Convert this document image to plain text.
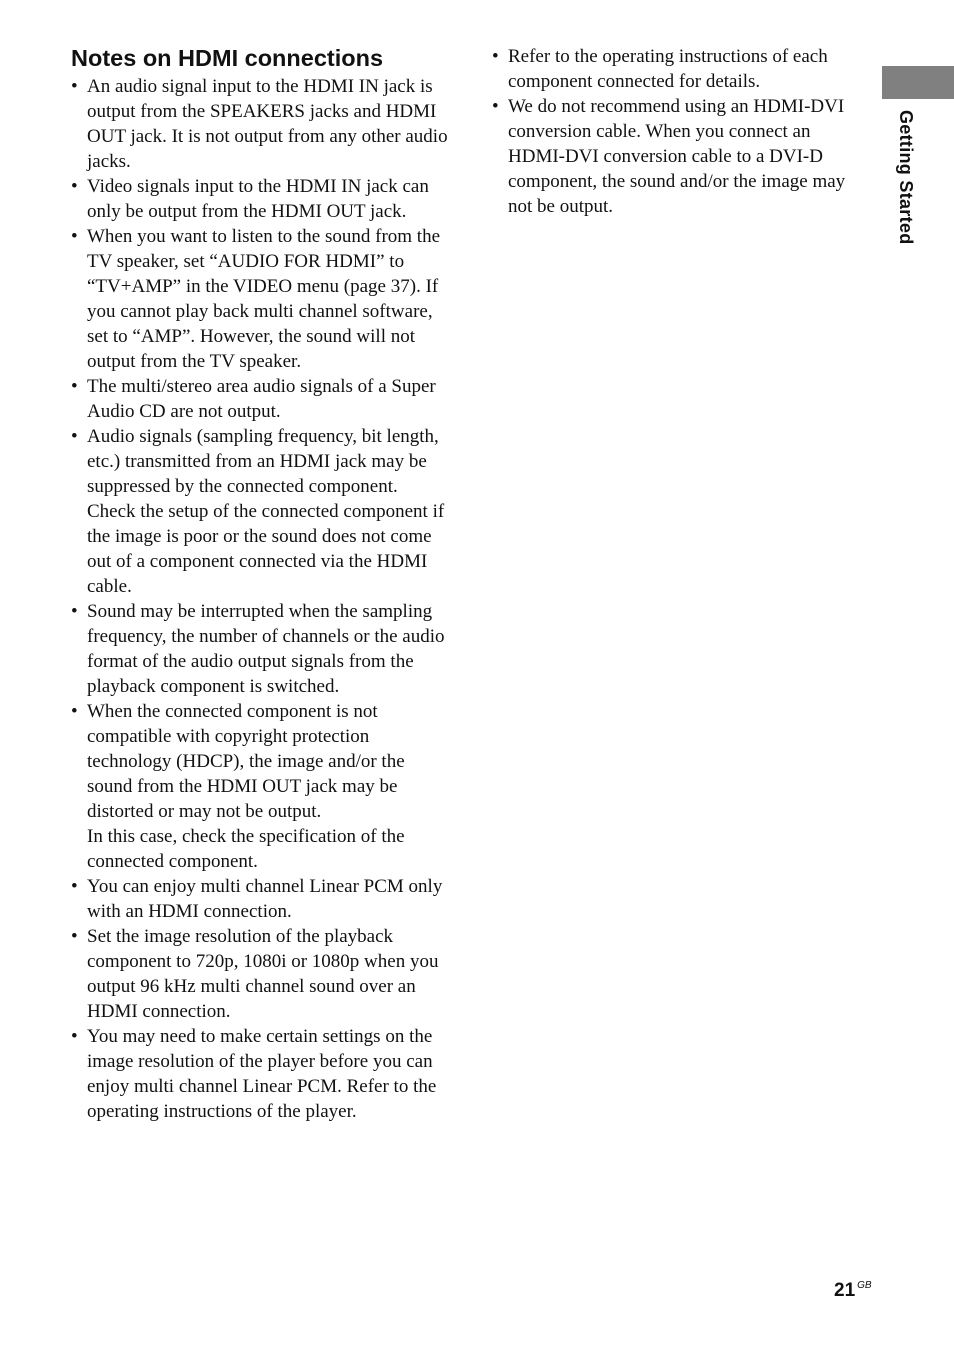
Notes on HDMI connections
• An audio signal input to the HDMI IN jack is output from the SPEAKERS jacks and HDMI OUT jack. It is not output from any other audio jacks.
• Video signals input to the HDMI IN jack can only be output from the HDMI OUT jack.
• When you want to listen to the sound from the TV speaker, set “AUDIO FOR HDMI” to “TV+AMP” in the VIDEO menu (page 37). If you cannot play back multi channel software, set to “AMP”. However, the sound will not output from the TV speaker.
• The multi/stereo area audio signals of a Super Audio CD are not output.
• Audio signals (sampling frequency, bit length, etc.) transmitted from an HDMI jack may be suppressed by the connected component. Check the setup of the connected component if the image is poor or the sound does not come out of a component connected via the HDMI cable.
• Sound may be interrupted when the sampling frequency, the number of channels or the audio format of the audio output signals from the playback component is switched.
• When the connected component is not compatible with copyright protection technology (HDCP), the image and/or the sound from the HDMI OUT jack may be distorted or may not be output.
In this case, check the specification of the connected component.
• You can enjoy multi channel Linear PCM only with an HDMI connection.
• Set the image resolution of the playback component to 720p, 1080i or 1080p when you output 96 kHz multi channel sound over an HDMI connection.
• You may need to make certain settings on the image resolution of the player before you can enjoy multi channel Linear PCM. Refer to the operating instructions of the player.
• Refer to the operating instructions of each component connected for details.
• We do not recommend using an HDMI-DVI conversion cable. When you connect an HDMI-DVI conversion cable to a DVI-D component, the sound and/or the image may not be output.	Getting Started
21 $^{GB}$
